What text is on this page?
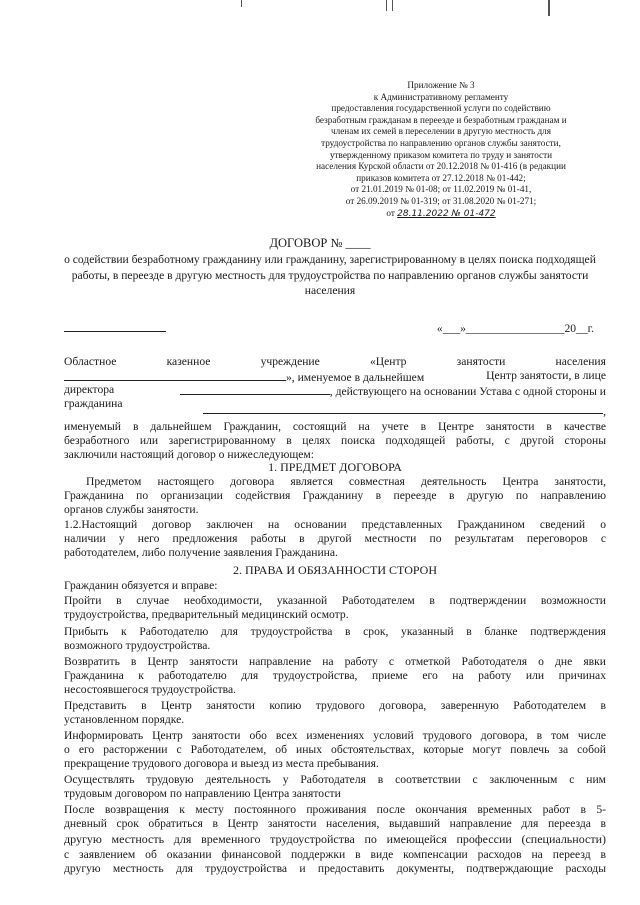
Приложение № 3
к Административному регламенту
предоставления государственной услуги по содействию
безработным гражданам в переезде и безработным гражданам и
членам их семей в переселении в другую местность для
трудоустройства по направлению органов службы занятости,
утвержденному приказом комитета по труду и занятости
населения Курской области от 20.12.2018 № 01-416 (в редакции
приказов комитета от 27.12.2018 № 01-442;
от 21.01.2019 № 01-08; от 11.02.2019 № 01-41,
от 26.09.2019 № 01-319; от 31.08.2020 № 01-271;
от 28.11.2022 № 01-472
ДОГОВОР № ____
о содействии безработному гражданину или гражданину, зарегистрированному в целях поиска подходящей работы, в переезде в другую местность для трудоустройства по направлению органов службы занятости населения
«___»_________________20__г.
Областное	казенное	учреждение	«Центр	занятости	населения
», именуемое в дальнейшем	Центр занятости, в лице
директора	, действующего на основании Устава с одной стороны и
гражданина
,
именуемый в дальнейшем Гражданин, состоящий на учете в Центре занятости в качестве
безработного или зарегистрированному в целях поиска подходящей работы, с другой стороны
заключили настоящий договор о нижеследующем:
1. ПРЕДМЕТ ДОГОВОРА
Предметом настоящего договора является совместная деятельность Центра занятости,
Гражданина по организации содействия Гражданину в переезде в другую по направлению
органов службы занятости.
1.2.Настоящий договор заключен на основании представленных Гражданином сведений о
наличии у него предложения работы в другой местности по результатам переговоров с
работодателем, либо получение заявления Гражданина.
2. ПРАВА И ОБЯЗАННОСТИ СТОРОН
Гражданин обязуется и вправе:
Пройти в случае необходимости, указанной Работодателем в подтверждении возможности
трудоустройства, предварительный медицинский осмотр.
Прибыть к Работодателю для трудоустройства в срок, указанный в бланке подтверждения
возможного трудоустройства.
Возвратить в Центр занятости направление на работу с отметкой Работодателя о дне явки
Гражданина к работодателю для трудоустройства, приеме его на работу или причинах
несостоявшегося трудоустройства.
Представить в Центр занятости копию трудового договора, заверенную Работодателем в
установленном порядке.
Информировать Центр занятости обо всех изменениях условий трудового договора, в том числе
о его расторжении с Работодателем, об иных обстоятельствах, которые могут повлечь за собой
прекращение трудового договора и выезд из места пребывания.
Осуществлять трудовую деятельность у Работодателя в соответствии с заключенным с ним
трудовым договором по направлению Центра занятости
После возвращения к месту постоянного проживания после окончания временных работ в 5-
дневный срок обратиться в Центр занятости населения, выдавший направление для переезда в
другую местность для временного трудоустройства по имеющейся профессии (специальности)
с заявлением об оказании финансовой поддержки в виде компенсации расходов на переезд в
другую местность для трудоустройства и предоставить документы, подтверждающие расходы
